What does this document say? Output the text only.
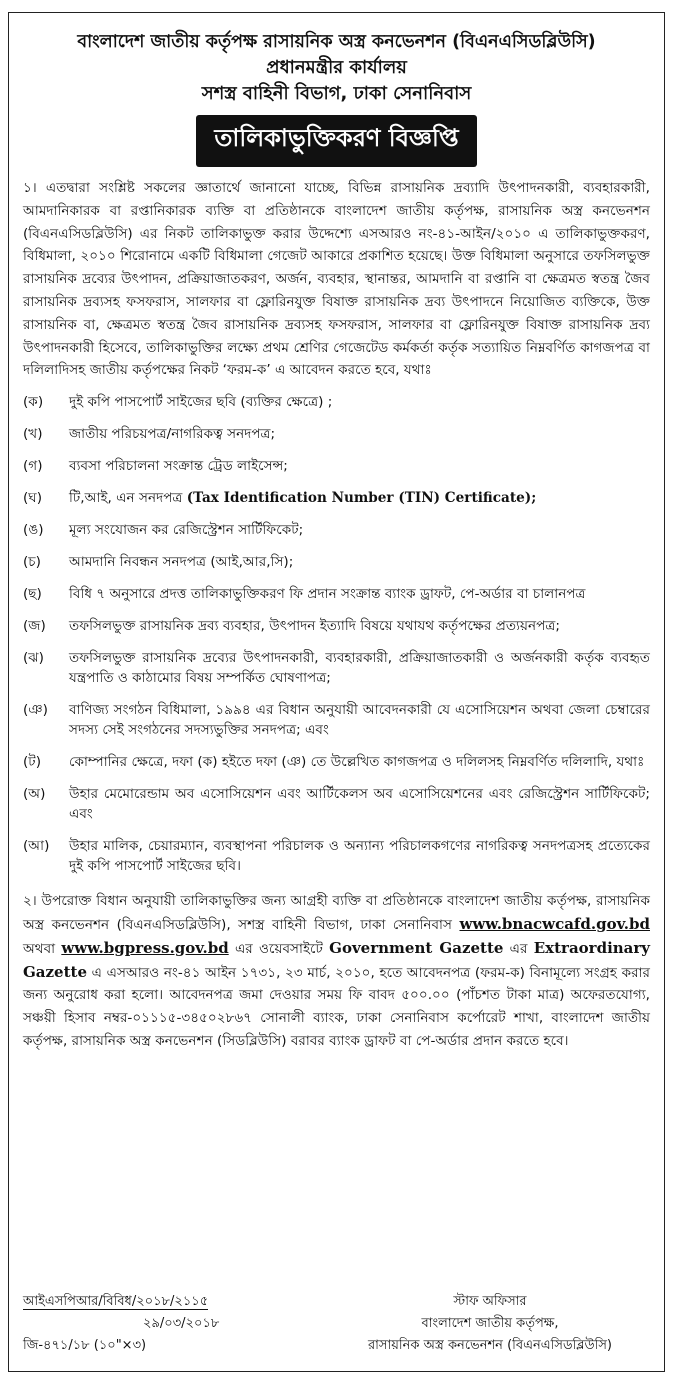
বাংলাদেশ জাতীয় কর্তৃপক্ষ রাসায়নিক অস্ত্র কনভেনশন (বিএনএসিডব্লিউসি)
প্রধানমন্ত্রীর কার্যালয়
সশস্ত্র বাহিনী বিভাগ, ঢাকা সেনানিবাস
তালিকাভুক্তিকরণ বিজ্ঞপ্তি
১। এতদ্বারা সংশ্লিষ্ট সকলের জ্ঞাতার্থে জানানো যাচ্ছে, বিভিন্ন রাসায়নিক দ্রব্যাদি উৎপাদনকারী, ব্যবহারকারী, আমদানিকারক বা রপ্তানিকারক ব্যক্তি বা প্রতিষ্ঠানকে বাংলাদেশ জাতীয় কর্তৃপক্ষ, রাসায়নিক অস্ত্র কনভেনশন (বিএনএসিডব্লিউসি) এর নিকট তালিকাভুক্ত করার উদ্দেশ্যে এসআরও নং-৪১-আইন/২০১০ এ তালিকাভুক্তকরণ, বিধিমালা, ২০১০ শিরোনামে একটি বিধিমালা গেজেট আকারে প্রকাশিত হয়েছে। উক্ত বিধিমালা অনুসারে তফসিলভুক্ত রাসায়নিক দ্রব্যের উৎপাদন, প্রক্রিয়াজাতকরণ, অর্জন, ব্যবহার, স্থানান্তর, আমদানি বা রপ্তানি বা ক্ষেত্রমত স্বতন্ত্র জৈব রাসায়নিক দ্রব্যসহ ফসফরাস, সালফার বা ফ্লোরিনযুক্ত বিষাক্ত রাসায়নিক দ্রব্য উৎপাদনে নিয়োজিত ব্যক্তিকে, উক্ত রাসায়নিক বা, ক্ষেত্রমত স্বতন্ত্র জৈব রাসায়নিক দ্রব্যসহ ফসফরাস, সালফার বা ফ্লোরিনযুক্ত বিষাক্ত রাসায়নিক দ্রব্য উৎপাদনকারী হিসেবে, তালিকাভুক্তির লক্ষ্যে প্রথম শ্রেণির গেজেটেড কর্মকর্তা কর্তৃক সত্যায়িত নিম্নবর্ণিত কাগজপত্র বা দলিলাদিসহ জাতীয় কর্তৃপক্ষের নিকট ‘ফরম-ক’ এ আবেদন করতে হবে, যথাঃ
(ক)	দুই কপি পাসপোর্ট সাইজের ছবি (ব্যক্তির ক্ষেত্রে) ;
(খ)	জাতীয় পরিচয়পত্র/নাগরিকত্ব সনদপত্র;
(গ)	ব্যবসা পরিচালনা সংক্রান্ত ট্রেড লাইসেন্স;
(ঘ)	টি,আই, এন সনদপত্র (Tax Identification Number (TIN) Certificate);
(ঙ)	মূল্য সংযোজন কর রেজিস্ট্রেশন সার্টিফিকেট;
(চ)	আমদানি নিবন্ধন সনদপত্র (আই,আর,সি);
(ছ)	বিধি ৭ অনুসারে প্রদত্ত তালিকাভুক্তিকরণ ফি প্রদান সংক্রান্ত ব্যাংক ড্রাফট, পে-অর্ডার বা চালানপত্র
(জ)	তফসিলভুক্ত রাসায়নিক দ্রব্য ব্যবহার, উৎপাদন ইত্যাদি বিষয়ে যথাযথ কর্তৃপক্ষের প্রত্যয়নপত্র;
(ঝ)	তফসিলভুক্ত রাসায়নিক দ্রব্যের উৎপাদনকারী, ব্যবহারকারী, প্রক্রিয়াজাতকারী ও অর্জনকারী কর্তৃক ব্যবহৃত যন্ত্রপাতি ও কাঠামোর বিষয় সম্পর্কিত ঘোষণাপত্র;
(ঞ)	বাণিজ্য সংগঠন বিধিমালা, ১৯৯৪ এর বিধান অনুযায়ী আবেদনকারী যে এসোসিয়েশন অথবা জেলা চেম্বারের সদস্য সেই সংগঠনের সদস্যভুক্তির সনদপত্র; এবং
(ট)	কোম্পানির ক্ষেত্রে, দফা (ক) হইতে দফা (ঞ) তে উল্লেখিত কাগজপত্র ও দলিলসহ নিম্নবর্ণিত দলিলাদি, যথাঃ
(অ)	উহার মেমোরেন্ডাম অব এসোসিয়েশন এবং আর্টিকেলস অব এসোসিয়েশনের এবং রেজিস্ট্রেশন সার্টিফিকেট; এবং
(আ)	উহার মালিক, চেয়ারম্যান, ব্যবস্থাপনা পরিচালক ও অন্যান্য পরিচালকগণের নাগরিকত্ব সনদপত্রসহ প্রত্যেকের দুই কপি পাসপোর্ট সাইজের ছবি।
২। উপরোক্ত বিধান অনুযায়ী তালিকাভুক্তির জন্য আগ্রহী ব্যক্তি বা প্রতিষ্ঠানকে বাংলাদেশ জাতীয় কর্তৃপক্ষ, রাসায়নিক অস্ত্র কনভেনশন (বিএনএসিডব্লিউসি), সশস্ত্র বাহিনী বিভাগ, ঢাকা সেনানিবাস www.bnacwcafd.gov.bd অথবা www.bgpress.gov.bd এর ওয়েবসাইটে Government Gazette এর Extraordinary Gazette এ এসআরও নং-৪১ আইন ১৭৩১, ২৩ মার্চ, ২০১০, হতে আবেদনপত্র (ফরম-ক) বিনামূল্যে সংগ্রহ করার জন্য অনুরোধ করা হলো। আবেদনপত্র জমা দেওয়ার সময় ফি বাবদ ৫০০.০০ (পাঁচশত টাকা মাত্র) অফেরতযোগ্য, সঞ্চয়ী হিসাব নম্বর-০১১১৫-৩৪৫০২৮৬৭ সোনালী ব্যাংক, ঢাকা সেনানিবাস কর্পোরেট শাখা, বাংলাদেশ জাতীয় কর্তৃপক্ষ, রাসায়নিক অস্ত্র কনভেনশন (সিডব্লিউসি) বরাবর ব্যাংক ড্রাফট বা পে-অর্ডার প্রদান করতে হবে।
আইএসপিআর/বিবিধ/২০১৮/২১১৫
২৯/০৩/২০১৮
জি-৪৭১/১৮ (১০"×৩)
স্টাফ অফিসার
বাংলাদেশ জাতীয় কর্তৃপক্ষ,
রাসায়নিক অস্ত্র কনভেনশন (বিএনএসিডব্লিউসি)
